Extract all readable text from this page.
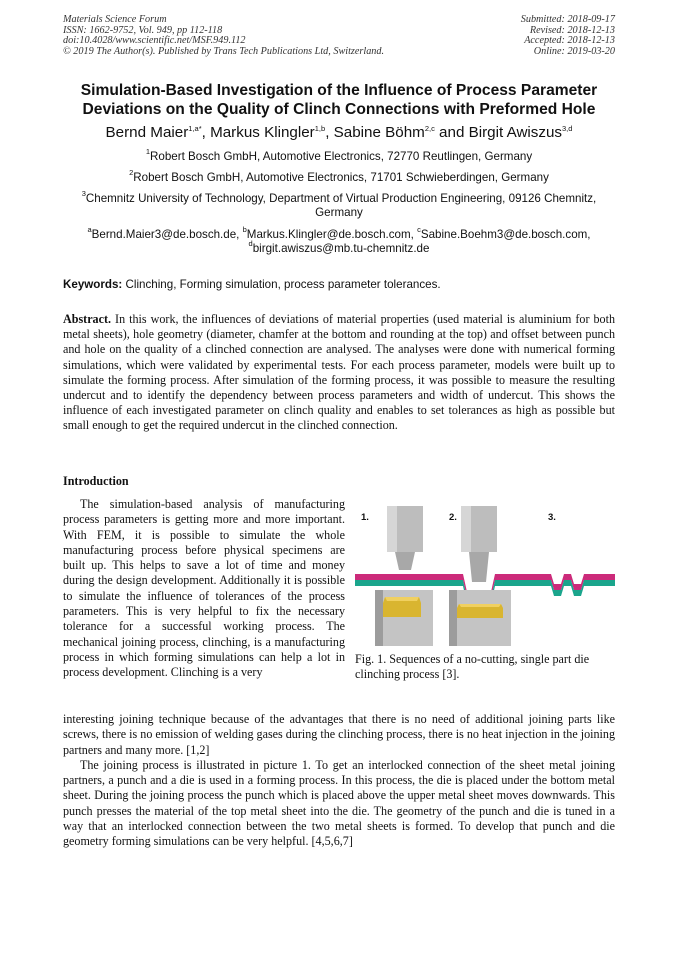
Materials Science Forum
ISSN: 1662-9752, Vol. 949, pp 112-118
doi:10.4028/www.scientific.net/MSF.949.112
© 2019 The Author(s). Published by Trans Tech Publications Ltd, Switzerland.
Submitted: 2018-09-17
Revised: 2018-12-13
Accepted: 2018-12-13
Online: 2019-03-20
Simulation-Based Investigation of the Influence of Process Parameter
Deviations on the Quality of Clinch Connections with Preformed Hole
Bernd Maier$^{1,a*}$, Markus Klingler$^{1,b}$, Sabine Böhm$^{2,c}$ and Birgit Awiszus$^{3,d}$
$^1$Robert Bosch GmbH, Automotive Electronics, 72770 Reutlingen, Germany
$^2$Robert Bosch GmbH, Automotive Electronics, 71701 Schwieberdingen, Germany
$^3$Chemnitz University of Technology, Department of Virtual Production Engineering, 09126 Chemnitz, Germany
$^a$Bernd.Maier3@de.bosch.de, $^b$Markus.Klingler@de.bosch.com, $^c$Sabine.Boehm3@de.bosch.com,
$^d$birgit.awiszus@mb.tu-chemnitz.de
Keywords: Clinching, Forming simulation, process parameter tolerances.
Abstract. In this work, the influences of deviations of material properties (used material is aluminium for both metal sheets), hole geometry (diameter, chamfer at the bottom and rounding at the top) and offset between punch and hole on the quality of a clinched connection are analysed. The analyses were done with numerical forming simulations, which were validated by experimental tests. For each process parameter, models were built up to simulate the forming process. After simulation of the forming process, it was possible to measure the resulting undercut and to identify the dependency between process parameters and width of undercut. This shows the influence of each investigated parameter on clinch quality and enables to set tolerances as high as possible but small enough to get the required undercut in the clinched connection.
Introduction

The simulation-based analysis of manufacturing process parameters is getting more and more important. With FEM, it is possible to simulate the whole manufacturing process before physical specimens are built up. This helps to save a lot of time and money during the design development. Additionally it is possible to simulate the influence of tolerances of the process parameters. This is very helpful to fix the necessary tolerance for a successful working process. The mechanical joining process, clinching, is a manufacturing process in which forming simulations can help a lot in process development. Clinching is a very

1.	2.	3.
Fig. 1. Sequences of a no-cutting, single part die clinching process [3].

interesting joining technique because of the advantages that there is no need of additional joining parts like screws, there is no emission of welding gases during the clinching process, there is no heat injection in the joining partners and many more. [1,2]

The joining process is illustrated in picture 1. To get an interlocked connection of the sheet metal joining partners, a punch and a die is used in a forming process. In this process, the die is placed under the bottom metal sheet. During the joining process the punch which is placed above the upper metal sheet moves downwards. This punch presses the material of the top metal sheet into the die. The geometry of the punch and die is tuned in a way that an interlocked connection between the two metal sheets is formed. To develop that punch and die geometry forming simulations can be very helpful. [4,5,6,7]
